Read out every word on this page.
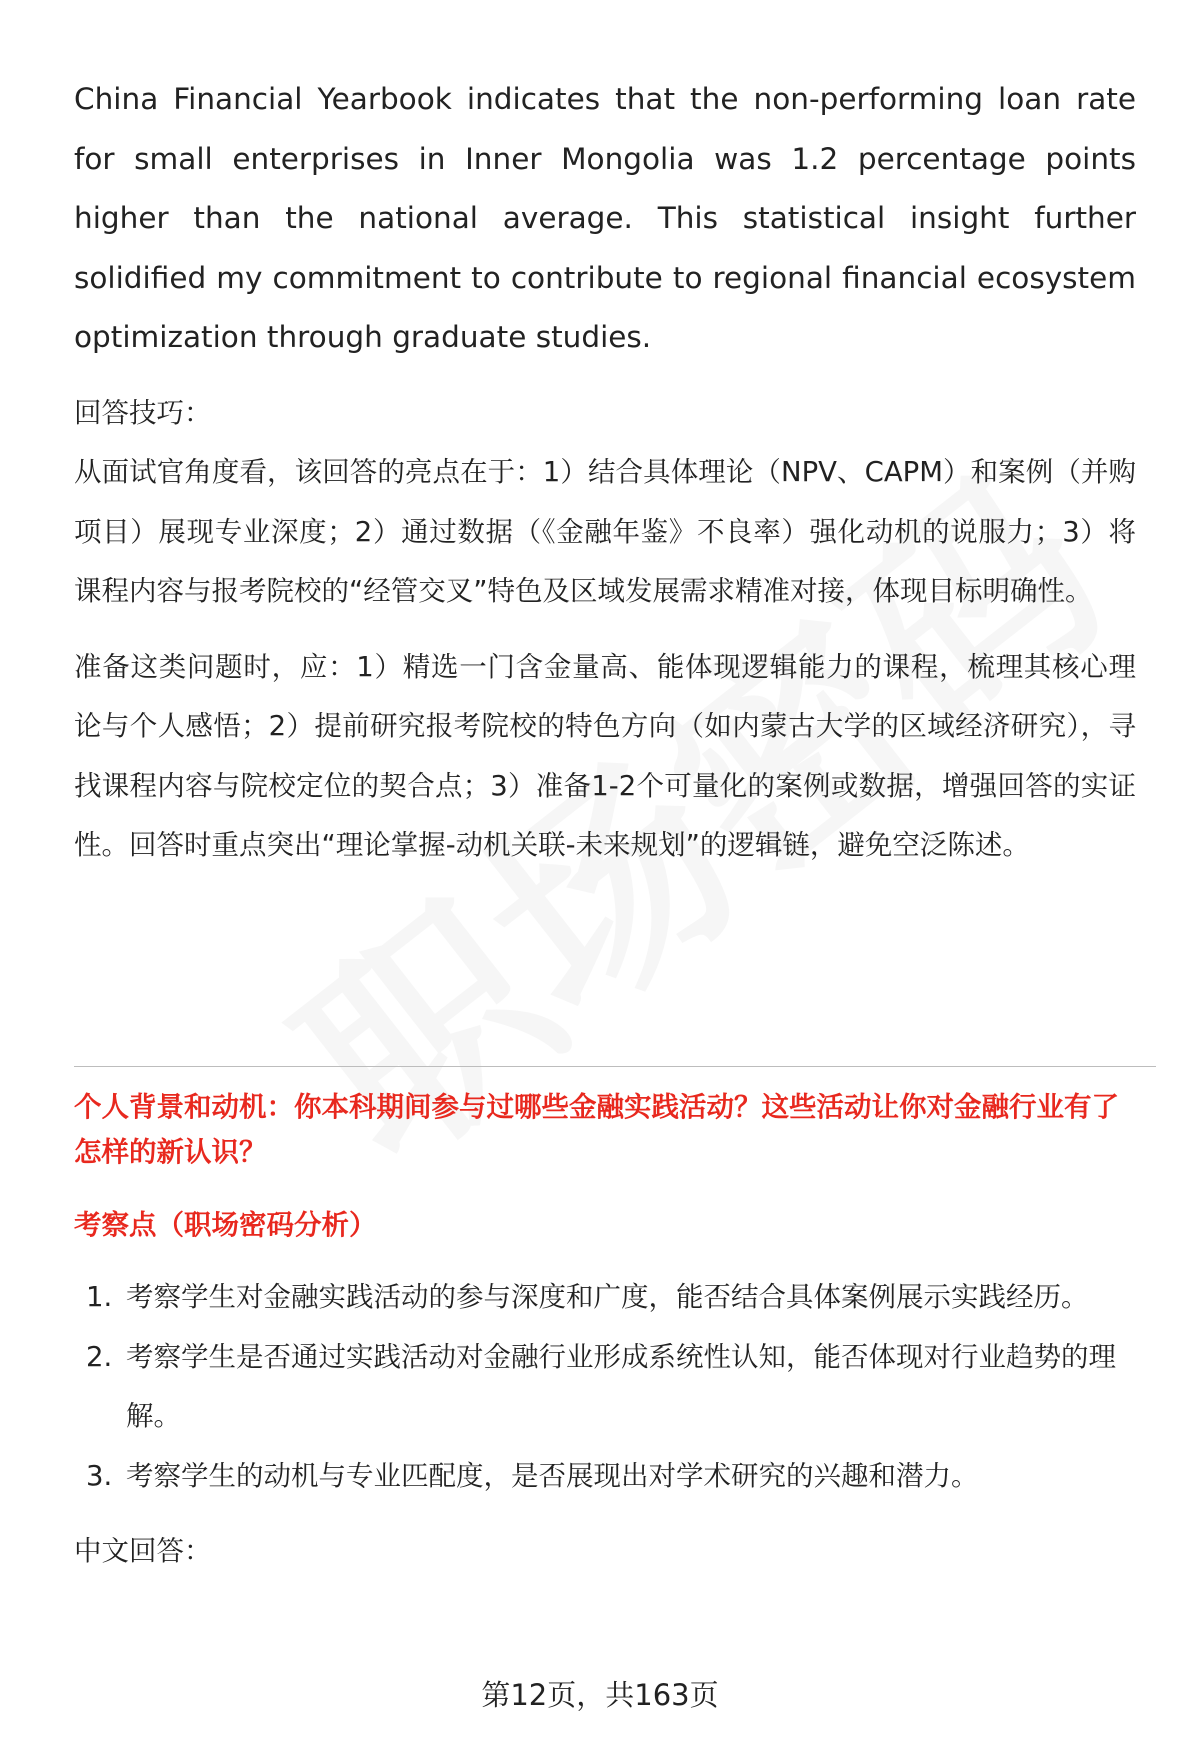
China Financial Yearbook indicates that the non-performing loan rate for small enterprises in Inner Mongolia was 1.2 percentage points higher than the national average. This statistical insight further solidified my commitment to contribute to regional financial ecosystem optimization through graduate studies.

回答技巧：

从面试官角度看，该回答的亮点在于：1）结合具体理论（NPV、CAPM）和案例（并购项目）展现专业深度；2）通过数据（《金融年鉴》不良率）强化动机的说服力；3）将课程内容与报考院校的“经管交叉”特色及区域发展需求精准对接，体现目标明确性。

准备这类问题时，应：1）精选一门含金量高、能体现逻辑能力的课程，梳理其核心理论与个人感悟；2）提前研究报考院校的特色方向（如内蒙古大学的区域经济研究），寻找课程内容与院校定位的契合点；3）准备1-2个可量化的案例或数据，增强回答的实证性。回答时重点突出“理论掌握-动机关联-未来规划”的逻辑链，避免空泛陈述。

个人背景和动机：你本科期间参与过哪些金融实践活动？这些活动让你对金融行业有了怎样的新认识？

考察点（职场密码分析）

1. 考察学生对金融实践活动的参与深度和广度，能否结合具体案例展示实践经历。
2. 考察学生是否通过实践活动对金融行业形成系统性认知，能否体现对行业趋势的理解。
3. 考察学生的动机与专业匹配度，是否展现出对学术研究的兴趣和潜力。

中文回答：

第12页，共163页
